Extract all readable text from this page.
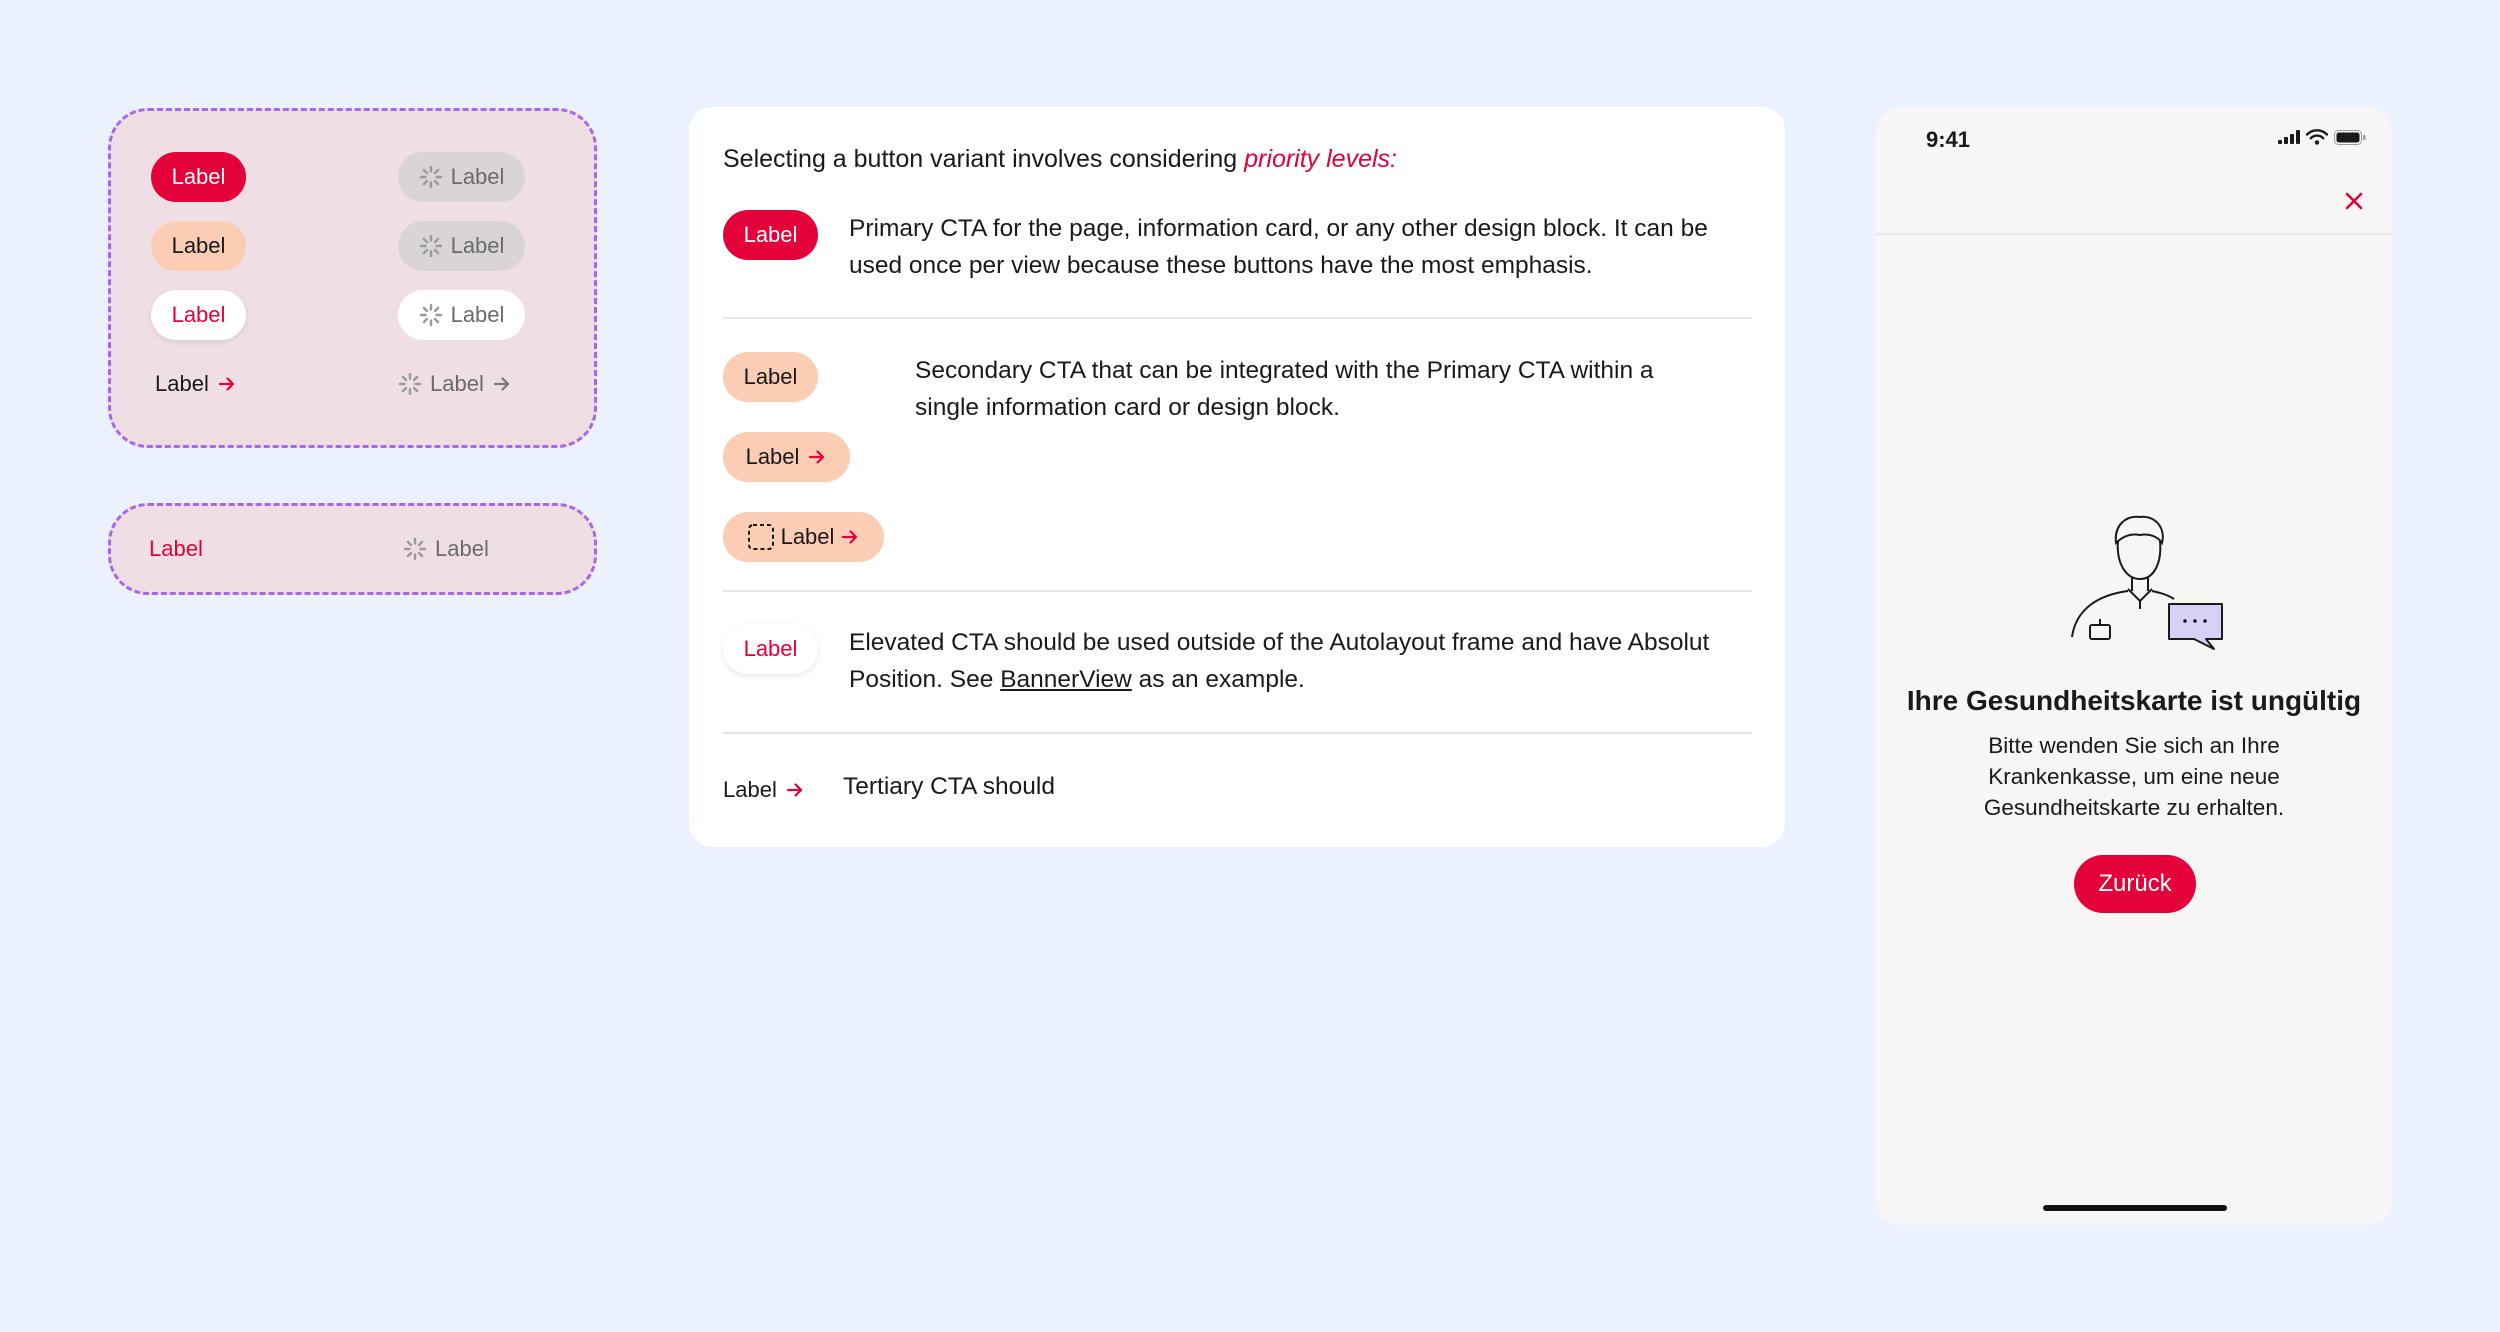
Label	Label
Label	Label
Label	Label
Label	Label
Label	Label
Selecting a button variant involves considering priority levels:
Label Primary CTA for the page, information card, or any other design block. It can be used once per view because these buttons have the most emphasis.
Label
Label
Label
Secondary CTA that can be integrated with the Primary CTA within a single information card or design block.
Label Elevated CTA should be used outside of the Autolayout frame and have Absolut Position. See BannerView as an example.
Label	Tertiary CTA should
9:41
Ihre Gesundheitskarte ist ungültig
Bitte wenden Sie sich an Ihre Krankenkasse, um eine neue Gesundheitskarte zu erhalten.
Zurück
